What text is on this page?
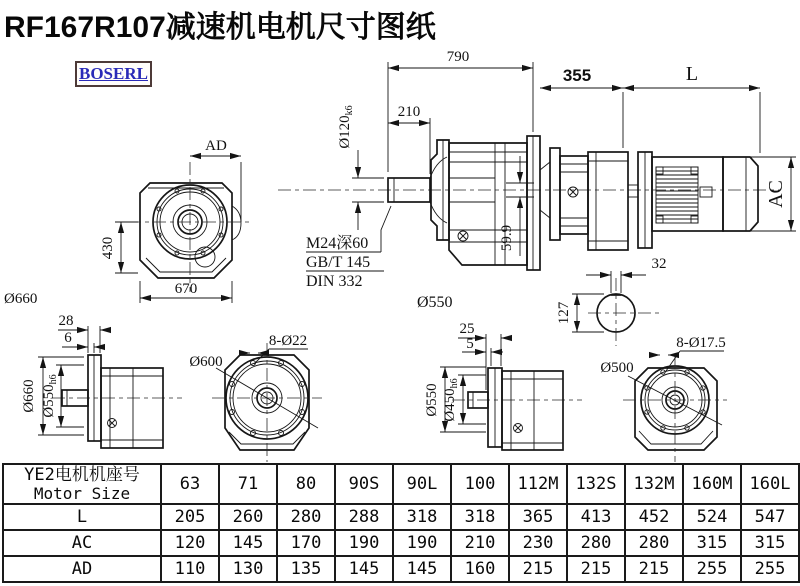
RF167R107减速机电机尺寸图纸
BOSERL
AD
430
670
790
210
$Ø120_{k6}$
M24深60
GB/T 145
DIN 332
59.9
Ø550
355	L
AC
32
127
Ø660
28
6
Ø660 $Ø550_{h6}$
Ø600
8-Ø22
25
5
Ø550 $Ø450_{h6}$
Ø500
8-Ø17.5
YE2电机机座号
Motor Size	63	71	80	90S	90L	100	112M	132S	132M	160M	160L
L	205	260	280	288	318	318	365	413	452	524	547
AC	120	145	170	190	190	210	230	280	280	315	315
AD	110	130	135	145	145	160	215	215	215	255	255
